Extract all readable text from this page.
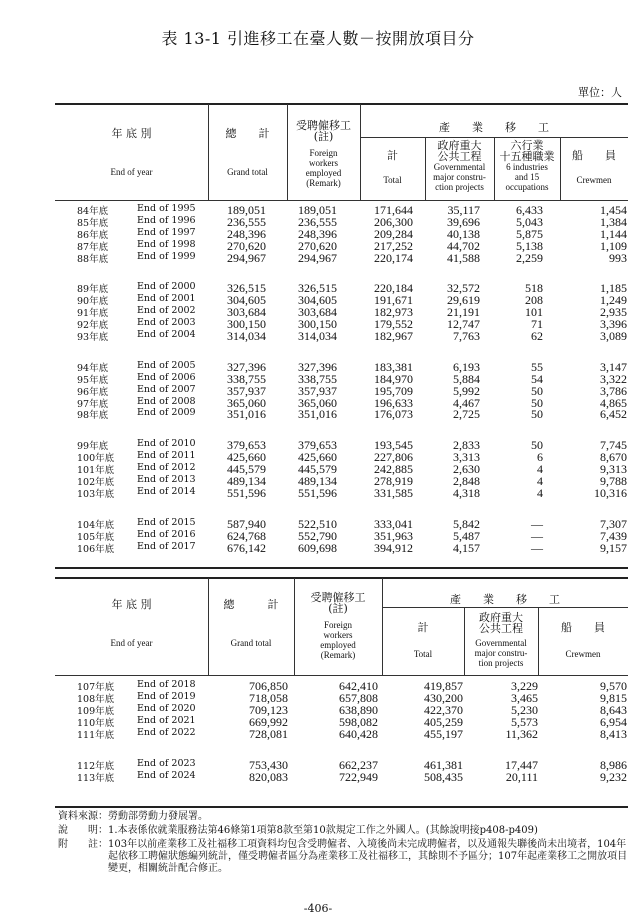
表 13-1 引進移工在臺人數－按開放項目分
單位：人
年 底 別
End of year
總　　計
Grand total
受聘僱移工
(註)
Foreign
workers
employed
(Remark)
產　　業　　移　　工
計
Total
政府重大
公共工程
Governmental
major constru-
ction projects
六行業
十五種職業
6 industries
and 15
occupations
船　　員
Crewmen
84年底	End of 1995	189,051	189,051	171,644	35,117	6,433	1,454
85年底	End of 1996	236,555	236,555	206,300	39,696	5,043	1,384
86年底	End of 1997	248,396	248,396	209,284	40,138	5,875	1,144
87年底	End of 1998	270,620	270,620	217,252	44,702	5,138	1,109
88年底	End of 1999	294,967	294,967	220,174	41,588	2,259	993
89年底	End of 2000	326,515	326,515	220,184	32,572	518	1,185
90年底	End of 2001	304,605	304,605	191,671	29,619	208	1,249
91年底	End of 2002	303,684	303,684	182,973	21,191	101	2,935
92年底	End of 2003	300,150	300,150	179,552	12,747	71	3,396
93年底	End of 2004	314,034	314,034	182,967	7,763	62	3,089
94年底	End of 2005	327,396	327,396	183,381	6,193	55	3,147
95年底	End of 2006	338,755	338,755	184,970	5,884	54	3,322
96年底	End of 2007	357,937	357,937	195,709	5,992	50	3,786
97年底	End of 2008	365,060	365,060	196,633	4,467	50	4,865
98年底	End of 2009	351,016	351,016	176,073	2,725	50	6,452
99年底	End of 2010	379,653	379,653	193,545	2,833	50	7,745
100年底 End of 2011	425,660	425,660	227,806	3,313	6	8,670
101年底 End of 2012	445,579	445,579	242,885	2,630	4	9,313
102年底 End of 2013	489,134	489,134	278,919	2,848	4	9,788
103年底 End of 2014	551,596	551,596	331,585	4,318	4	10,316
104年底 End of 2015	587,940	522,510	333,041	5,842	—	7,307
105年底 End of 2016	624,768	552,790	351,963	5,487	—	7,439
106年底 End of 2017	676,142	609,698	394,912	4,157	—	9,157
年 底 別
End of year
總　　　計
Grand total
受聘僱移工
(註)
Foreign
workers
employed
(Remark)
產　　業　　移　　工
計
Total
政府重大
公共工程
Governmental
major constru-
tion projects
船　　員
Crewmen
107年底 End of 2018	706,850	642,410	419,857	3,229	9,570
108年底 End of 2019	718,058	657,808	430,200	3,465	9,815
109年底 End of 2020	709,123	638,890	422,370	5,230	8,643
110年底 End of 2021	669,992	598,082	405,259	5,573	6,954
111年底 End of 2022	728,081	640,428	455,197	11,362	8,413
112年底 End of 2023	753,430	662,237	461,381	17,447	8,986
113年底 End of 2024	820,083	722,949	508,435	20,111	9,232
資料來源：勞動部勞動力發展署。
說　　明：1.本表係依就業服務法第46條第1項第8款至第10款規定工作之外國人。(其餘說明接p408-p409)
附　　註： 103年以前產業移工及社福移工項資料均包含受聘僱者、入境後尚未完成聘僱者，以及通報失聯後尚未出境者，104年起依移工聘僱狀態編列統計，僅受聘僱者區分為產業移工及社福移工，其餘則不予區分；107年起產業移工之開放項目變更，相關統計配合修正。
-406-
